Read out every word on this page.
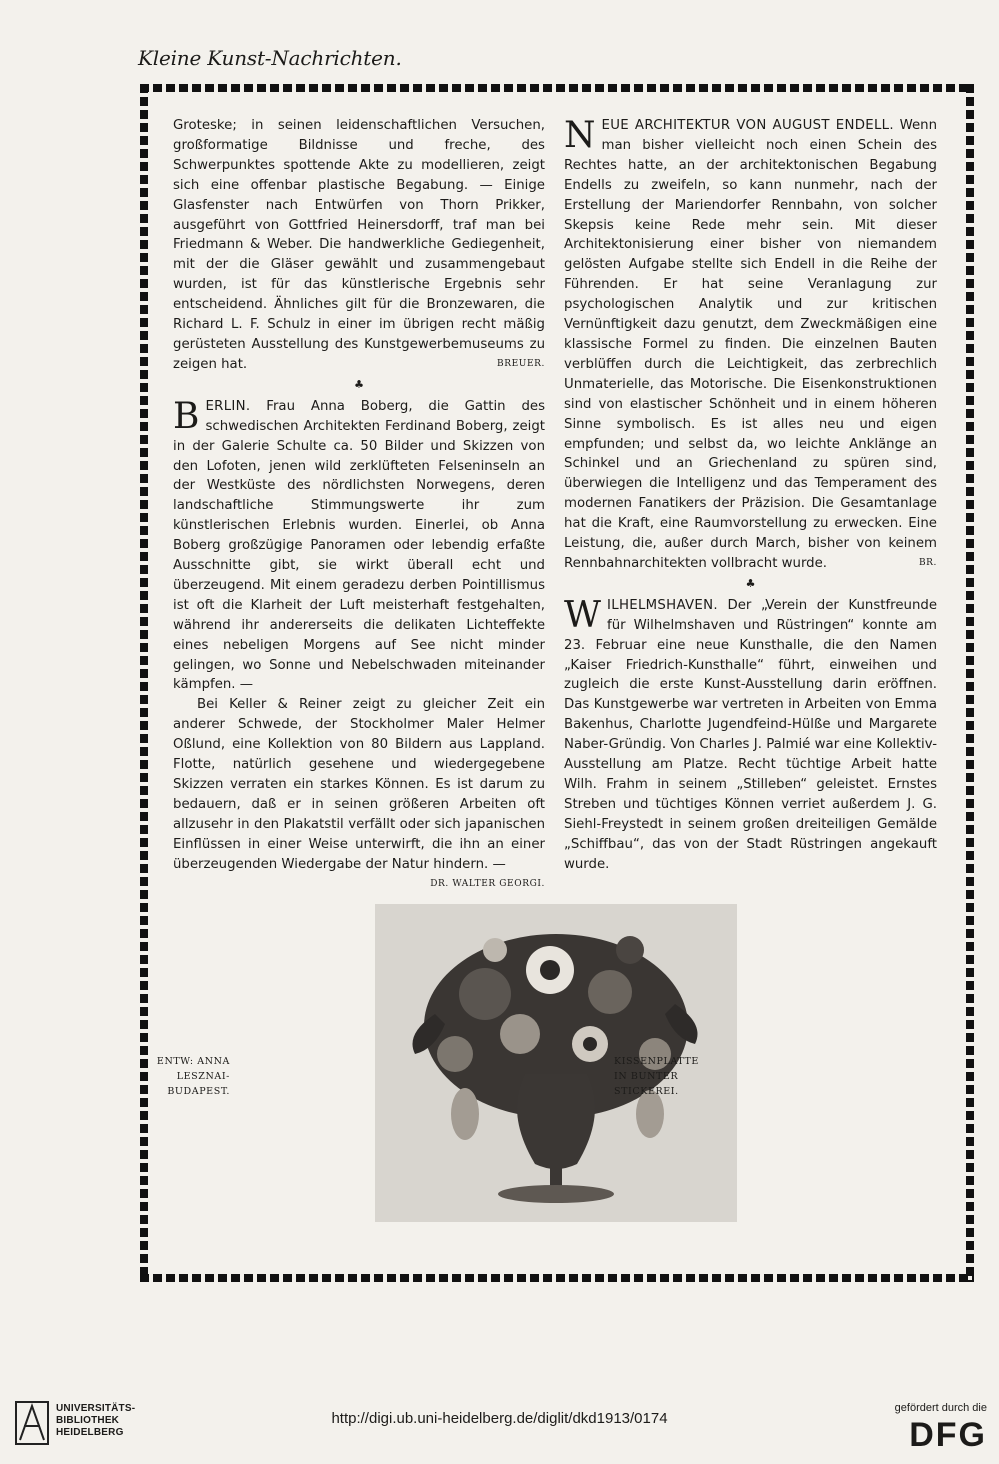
Kleine Kunst-Nachrichten.

Groteske; in seinen leidenschaftlichen Versuchen, großformatige Bildnisse und freche, des Schwerpunktes spottende Akte zu modellieren, zeigt sich eine offenbar plastische Begabung. — Einige Glasfenster nach Entwürfen von Thorn Prikker, ausgeführt von Gottfried Heinersdorff, traf man bei Friedmann & Weber. Die handwerkliche Gediegenheit, mit der die Gläser gewählt und zusammengebaut wurden, ist für das künstlerische Ergebnis sehr entscheidend. Ähnliches gilt für die Bronzewaren, die Richard L. F. Schulz in einer im übrigen recht mäßig gerüsteten Ausstellung des Kunstgewerbemuseums zu zeigen hat.	BREUER.

♣

BERLIN. Frau Anna Boberg, die Gattin des schwedischen Architekten Ferdinand Boberg, zeigt in der Galerie Schulte ca. 50 Bilder und Skizzen von den Lofoten, jenen wild zerklüfteten Felseninseln an der Westküste des nördlichsten Norwegens, deren landschaftliche Stimmungswerte ihr zum künstlerischen Erlebnis wurden. Einerlei, ob Anna Boberg großzügige Panoramen oder lebendig erfaßte Ausschnitte gibt, sie wirkt überall echt und überzeugend. Mit einem geradezu derben Pointillismus ist oft die Klarheit der Luft meisterhaft festgehalten, während ihr andererseits die delikaten Lichteffekte eines nebeligen Morgens auf See nicht minder gelingen, wo Sonne und Nebelschwaden miteinander kämpfen. —

Bei Keller & Reiner zeigt zu gleicher Zeit ein anderer Schwede, der Stockholmer Maler Helmer Oßlund, eine Kollektion von 80 Bildern aus Lappland. Flotte, natürlich gesehene und wiedergegebene Skizzen verraten ein starkes Können. Es ist darum zu bedauern, daß er in seinen größeren Arbeiten oft allzusehr in den Plakatstil verfällt oder sich japanischen Einflüssen in einer Weise unterwirft, die ihn an einer überzeugenden Wiedergabe der Natur hindern. —
DR. WALTER GEORGI.

NEUE ARCHITEKTUR VON AUGUST ENDELL. Wenn man bisher vielleicht noch einen Schein des Rechtes hatte, an der architektonischen Begabung Endells zu zweifeln, so kann nunmehr, nach der Erstellung der Mariendorfer Rennbahn, von solcher Skepsis keine Rede mehr sein. Mit dieser Architektonisierung einer bisher von niemandem gelösten Aufgabe stellte sich Endell in die Reihe der Führenden. Er hat seine Veranlagung zur psychologischen Analytik und zur kritischen Vernünftigkeit dazu genutzt, dem Zweckmäßigen eine klassische Formel zu finden. Die einzelnen Bauten verblüffen durch die Leichtigkeit, das zerbrechlich Unmaterielle, das Motorische. Die Eisenkonstruktionen sind von elastischer Schönheit und in einem höheren Sinne symbolisch. Es ist alles neu und eigen empfunden; und selbst da, wo leichte Anklänge an Schinkel und an Griechenland zu spüren sind, überwiegen die Intelligenz und das Temperament des modernen Fanatikers der Präzision. Die Gesamtanlage hat die Kraft, eine Raumvorstellung zu erwecken. Eine Leistung, die, außer durch March, bisher von keinem Rennbahnarchitekten vollbracht wurde.	BR.

♣

WILHELMSHAVEN. Der „Verein der Kunstfreunde für Wilhelmshaven und Rüstringen“ konnte am 23. Februar eine neue Kunsthalle, die den Namen „Kaiser Friedrich-Kunsthalle“ führt, einweihen und zugleich die erste Kunst-Ausstellung darin eröffnen. Das Kunstgewerbe war vertreten in Arbeiten von Emma Bakenhus, Charlotte Jugendfeind-Hülße und Margarete Naber-Gründig. Von Charles J. Palmié war eine Kollektiv-Ausstellung am Platze. Recht tüchtige Arbeit hatte Wilh. Frahm in seinem „Stilleben“ geleistet. Ernstes Streben und tüchtiges Können verriet außerdem J. G. Siehl-Freystedt in seinem großen dreiteiligen Gemälde „Schiffbau“, das von der Stadt Rüstringen angekauft wurde.

ENTW: ANNA
LESZNAI-
BUDAPEST.
KISSENPLATTE
IN BUNTER
STICKEREI.
UNIVERSITÄTS-
BIBLIOTHEK
HEIDELBERG
http://digi.ub.uni-heidelberg.de/diglit/dkd1913/0174
gefördert durch die
DFG
